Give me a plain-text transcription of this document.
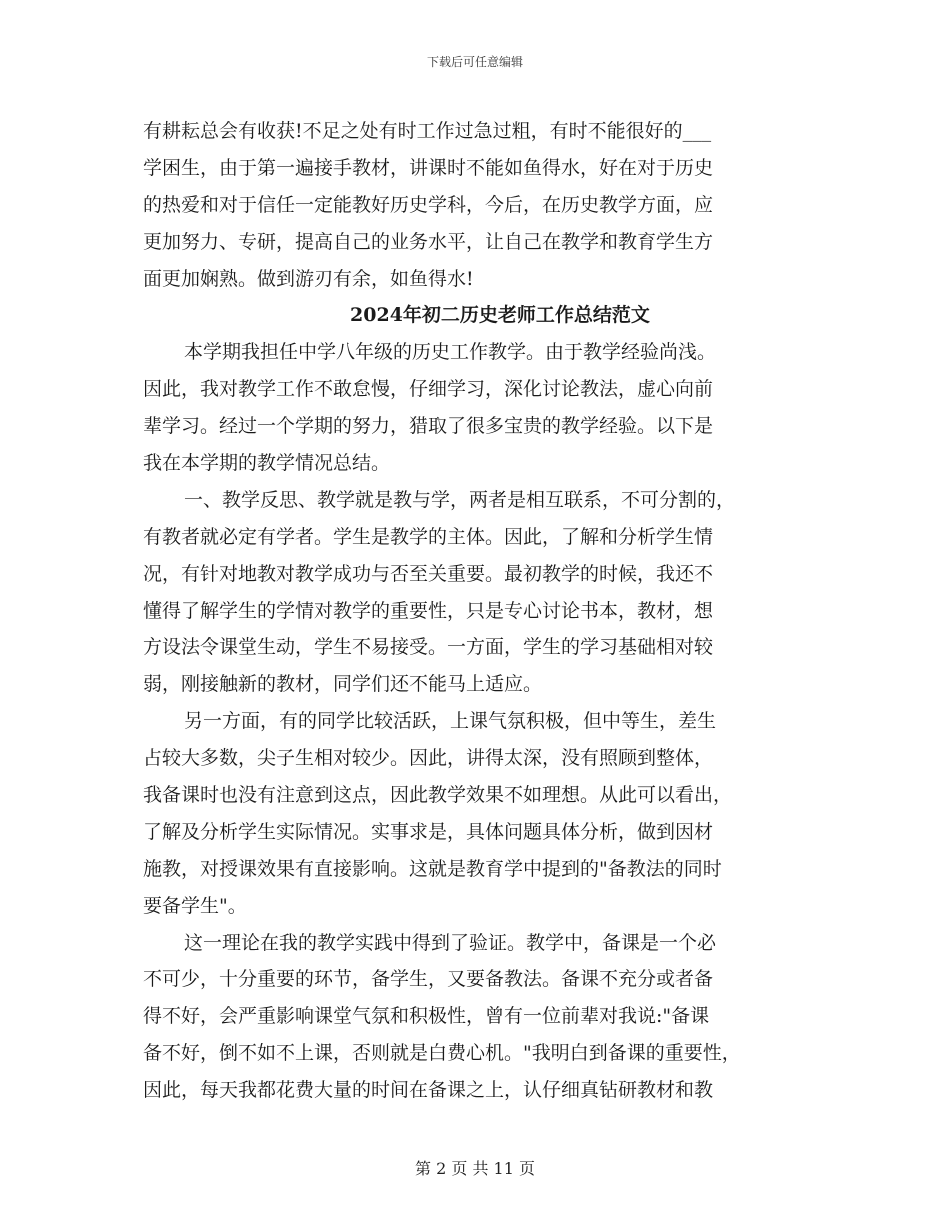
下载后可任意编辑
有耕耘总会有收获!不足之处有时工作过急过粗，有时不能很好的___
学困生，由于第一遍接手教材，讲课时不能如鱼得水，好在对于历史
的热爱和对于信任一定能教好历史学科，今后，在历史教学方面，应
更加努力、专研，提高自己的业务水平，让自己在教学和教育学生方
面更加娴熟。做到游刃有余，如鱼得水!
2024年初二历史老师工作总结范文
本学期我担任中学八年级的历史工作教学。由于教学经验尚浅。
因此，我对教学工作不敢怠慢，仔细学习，深化讨论教法，虚心向前
辈学习。经过一个学期的努力，猎取了很多宝贵的教学经验。以下是
我在本学期的教学情况总结。
一、教学反思、教学就是教与学，两者是相互联系，不可分割的，
有教者就必定有学者。学生是教学的主体。因此，了解和分析学生情
况，有针对地教对教学成功与否至关重要。最初教学的时候，我还不
懂得了解学生的学情对教学的重要性，只是专心讨论书本，教材，想
方设法令课堂生动，学生不易接受。一方面，学生的学习基础相对较
弱，刚接触新的教材，同学们还不能马上适应。
另一方面，有的同学比较活跃，上课气氛积极，但中等生，差生
占较大多数，尖子生相对较少。因此，讲得太深，没有照顾到整体，
我备课时也没有注意到这点，因此教学效果不如理想。从此可以看出，
了解及分析学生实际情况。实事求是，具体问题具体分析，做到因材
施教，对授课效果有直接影响。这就是教育学中提到的"备教法的同时
要备学生"。
这一理论在我的教学实践中得到了验证。教学中，备课是一个必
不可少，十分重要的环节，备学生，又要备教法。备课不充分或者备
得不好，会严重影响课堂气氛和积极性，曾有一位前辈对我说:"备课
备不好，倒不如不上课，否则就是白费心机。"我明白到备课的重要性，
因此，每天我都花费大量的时间在备课之上，认仔细真钻研教材和教
第 2 页 共 11 页
